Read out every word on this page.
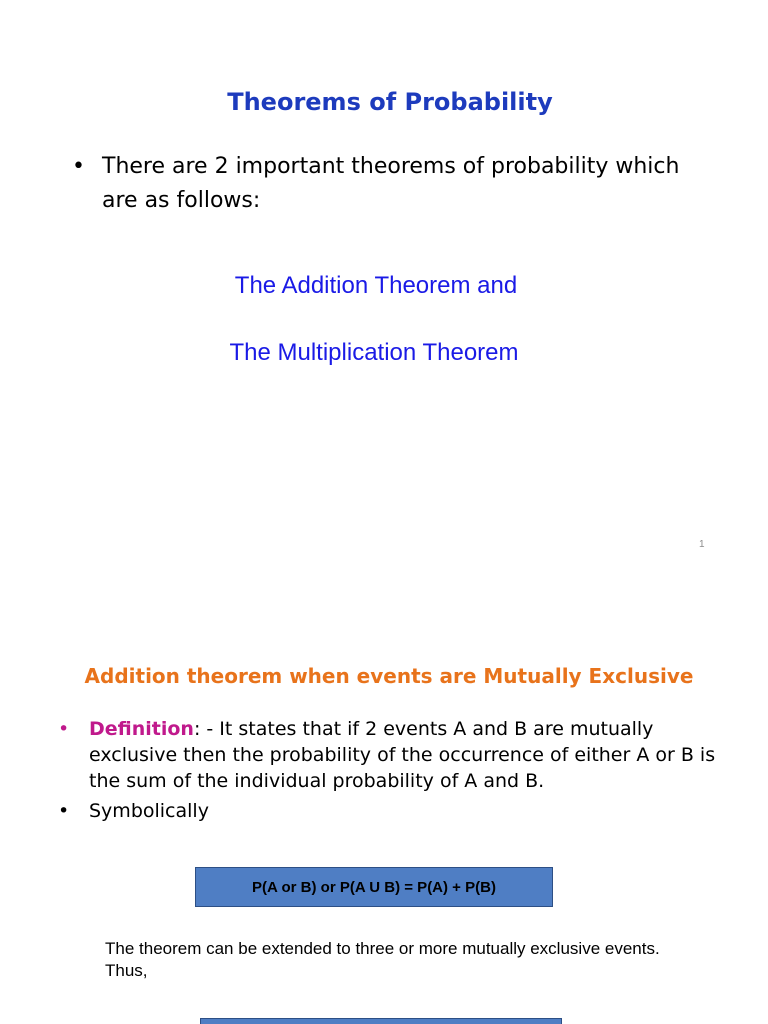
Theorems of Probability
• There are 2 important theorems of probability which are as follows:
The Addition Theorem and
The Multiplication Theorem
1
Addition theorem when events are Mutually Exclusive
• Definition: - It states that if 2 events A and B are mutually exclusive then the probability of the occurrence of either A or B is the sum of the individual probability of A and B.
• Symbolically
P(A or B) or P(A U B) = P(A) + P(B)
The theorem can be extended to three or more mutually exclusive events. Thus,
